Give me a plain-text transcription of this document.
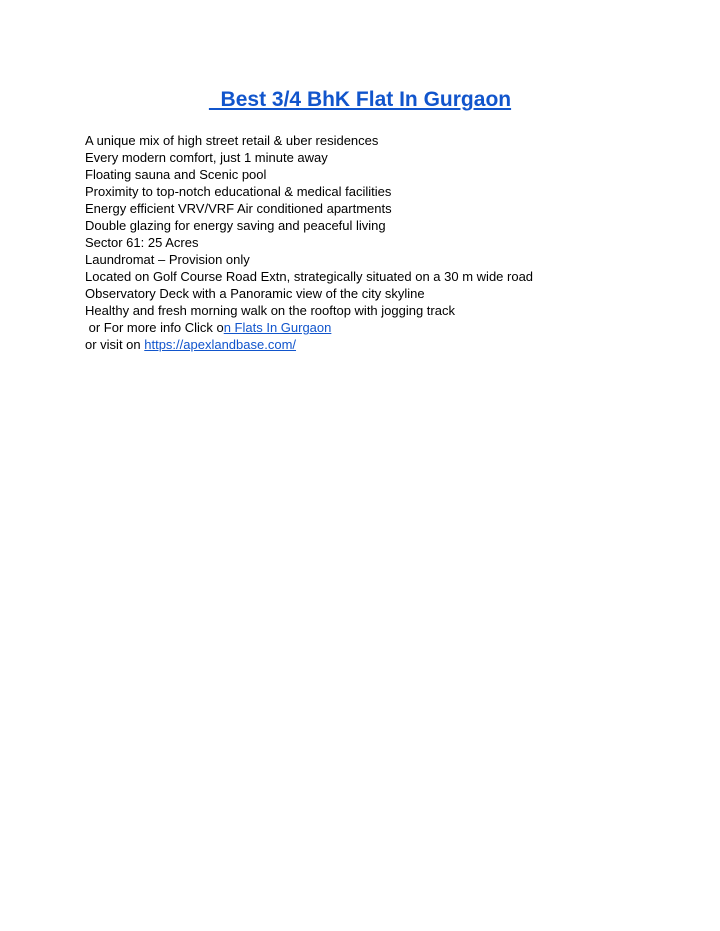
Best 3/4 BhK Flat In Gurgaon
A unique mix of high street retail & uber residences
Every modern comfort, just 1 minute away
Floating sauna and Scenic pool
Proximity to top-notch educational & medical facilities
Energy efficient VRV/VRF Air conditioned apartments
Double glazing for energy saving and peaceful living
Sector 61: 25 Acres
Laundromat – Provision only
Located on Golf Course Road Extn, strategically situated on a 30 m wide road
Observatory Deck with a Panoramic view of the city skyline
Healthy and fresh morning walk on the rooftop with jogging track
or For more info Click on Flats In Gurgaon
or visit on https://apexlandbase.com/
